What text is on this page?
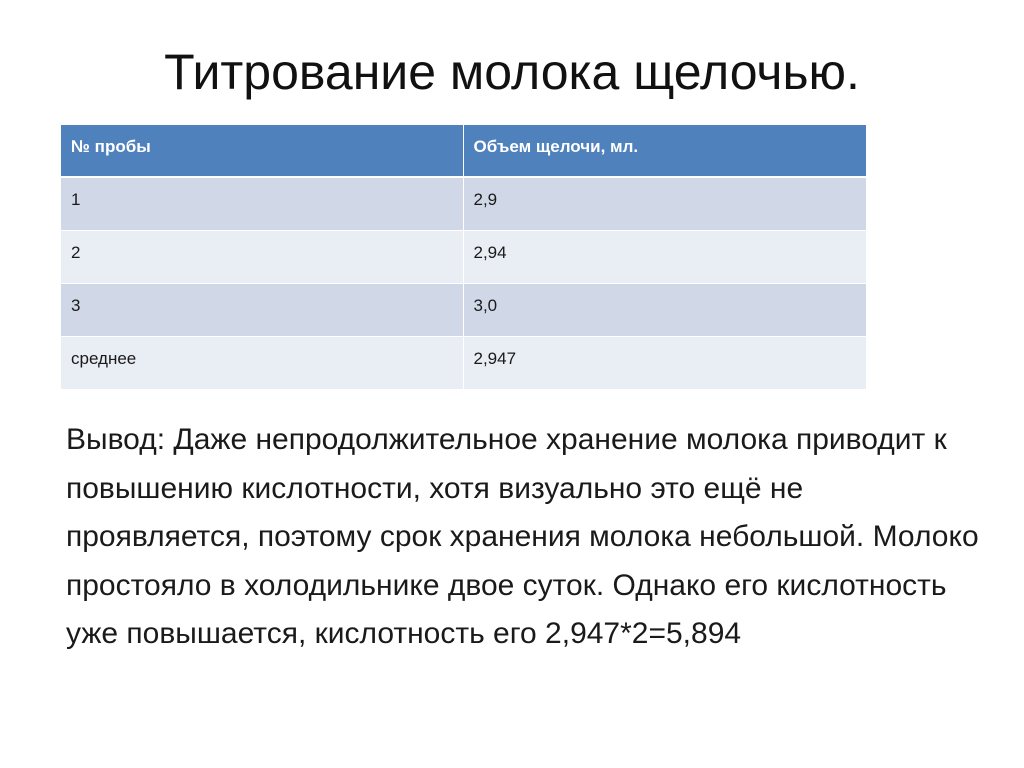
Титрование молока щелочью.
№ пробы	Объем щелочи, мл.
1	2,9
2	2,94
3	3,0
среднее	2,947

Вывод: Даже непродолжительное хранение молока приводит к повышению кислотности, хотя визуально это ещё не проявляется, поэтому срок хранения молока небольшой. Молоко простояло в холодильнике двое суток. Однако его кислотность уже повышается, кислотность его 2,947*2=5,894
